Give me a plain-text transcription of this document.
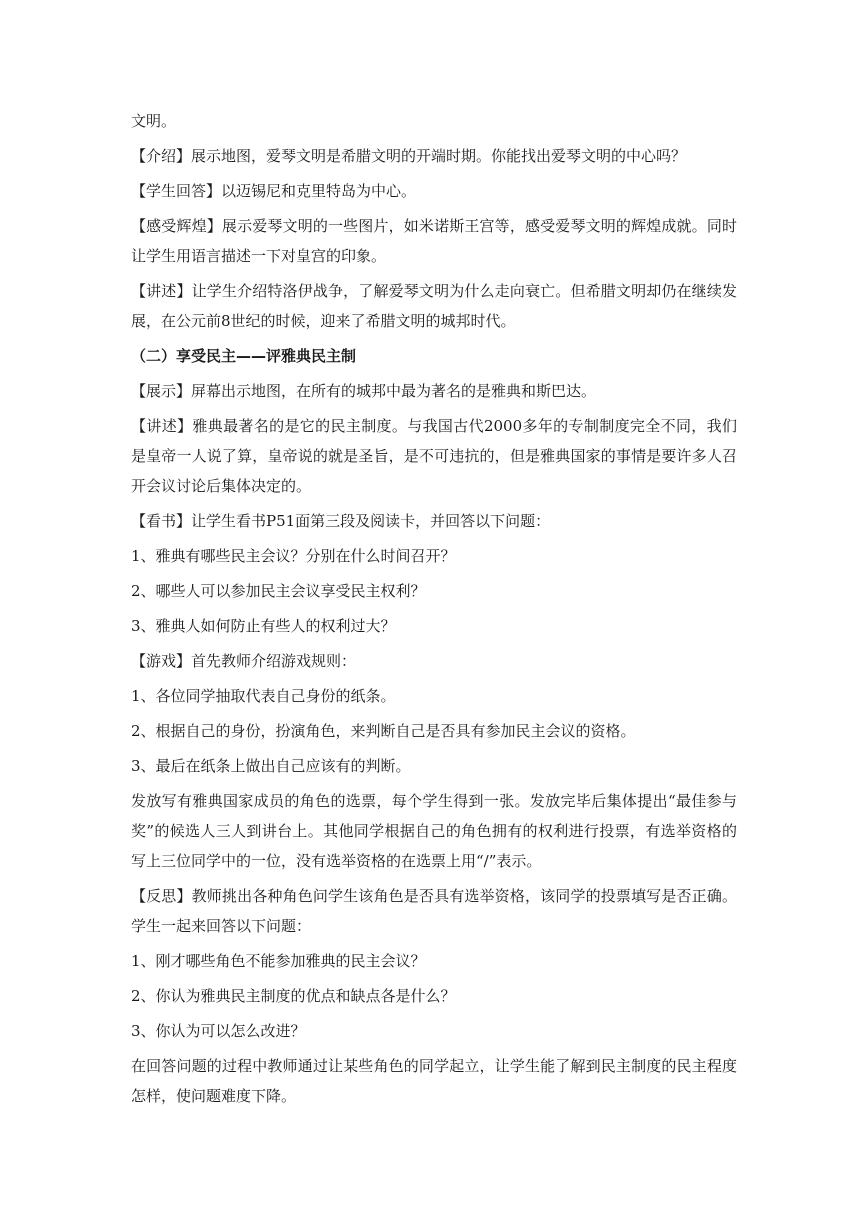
文明。

【介绍】展示地图，爱琴文明是希腊文明的开端时期。你能找出爱琴文明的中心吗？

【学生回答】以迈锡尼和克里特岛为中心。

【感受辉煌】展示爱琴文明的一些图片，如米诺斯王宫等，感受爱琴文明的辉煌成就。同时让学生用语言描述一下对皇宫的印象。

【讲述】让学生介绍特洛伊战争，了解爱琴文明为什么走向衰亡。但希腊文明却仍在继续发展，在公元前8世纪的时候，迎来了希腊文明的城邦时代。

（二）享受民主——评雅典民主制

【展示】屏幕出示地图，在所有的城邦中最为著名的是雅典和斯巴达。

【讲述】雅典最著名的是它的民主制度。与我国古代2000多年的专制制度完全不同，我们是皇帝一人说了算，皇帝说的就是圣旨，是不可违抗的，但是雅典国家的事情是要许多人召开会议讨论后集体决定的。

【看书】让学生看书P51面第三段及阅读卡，并回答以下问题：

1、雅典有哪些民主会议？分别在什么时间召开？

2、哪些人可以参加民主会议享受民主权利？

3、雅典人如何防止有些人的权利过大？

【游戏】首先教师介绍游戏规则：

1、各位同学抽取代表自己身份的纸条。

2、根据自己的身份，扮演角色，来判断自己是否具有参加民主会议的资格。

3、最后在纸条上做出自己应该有的判断。

发放写有雅典国家成员的角色的选票，每个学生得到一张。发放完毕后集体提出“最佳参与奖”的候选人三人到讲台上。其他同学根据自己的角色拥有的权利进行投票，有选举资格的写上三位同学中的一位，没有选举资格的在选票上用“/”表示。

【反思】教师挑出各种角色问学生该角色是否具有选举资格，该同学的投票填写是否正确。学生一起来回答以下问题：

1、刚才哪些角色不能参加雅典的民主会议？

2、你认为雅典民主制度的优点和缺点各是什么？

3、你认为可以怎么改进？

在回答问题的过程中教师通过让某些角色的同学起立，让学生能了解到民主制度的民主程度怎样，使问题难度下降。
